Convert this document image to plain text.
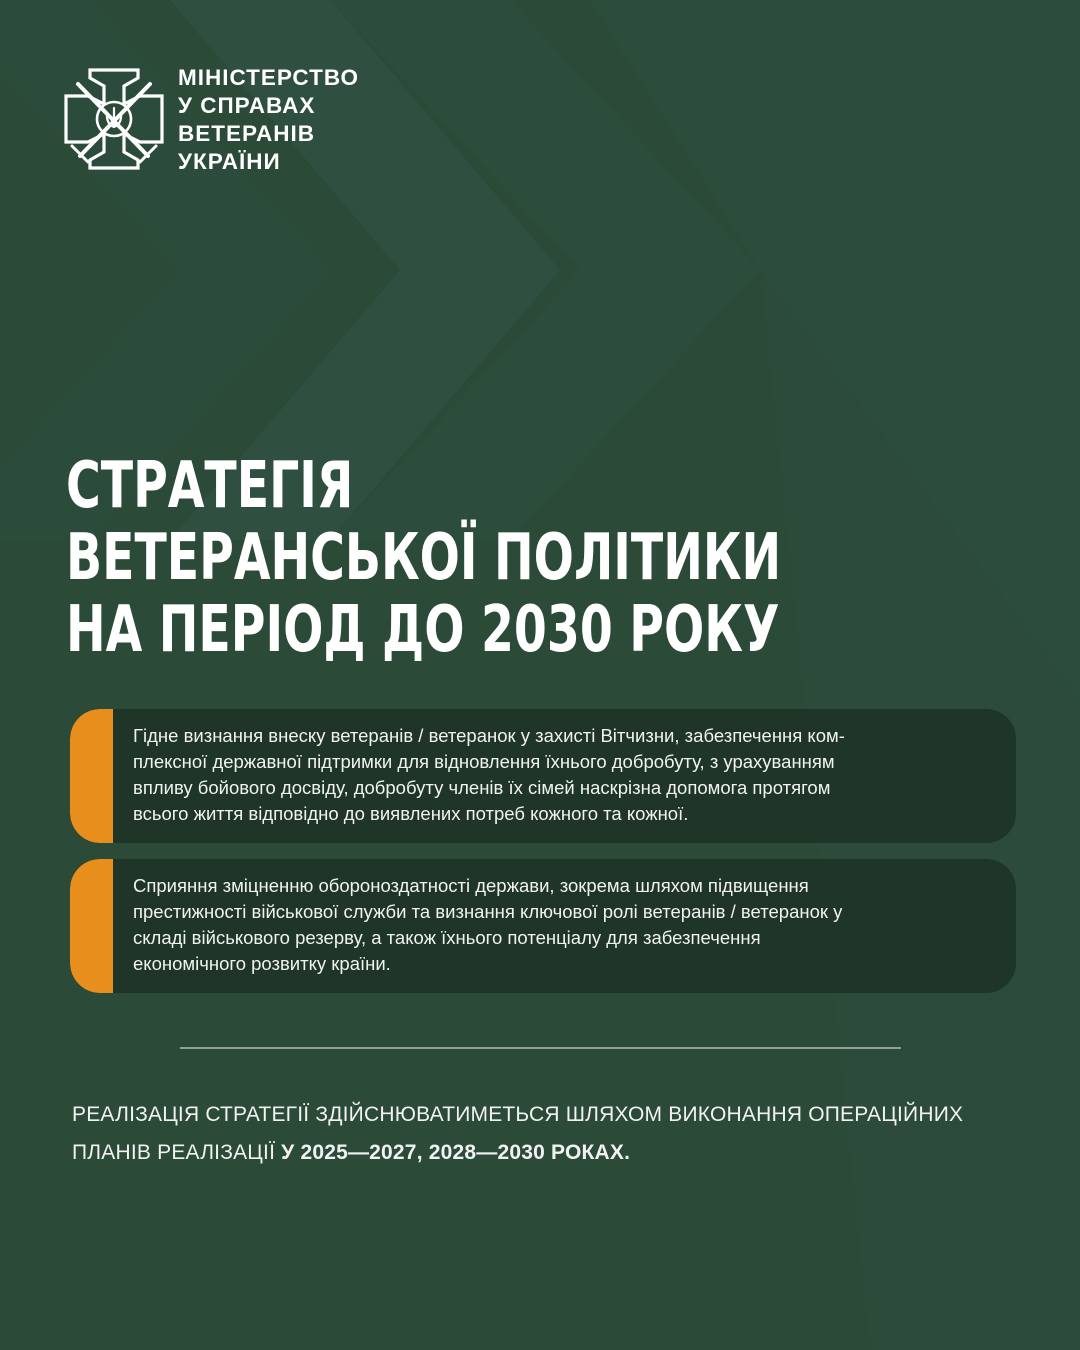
МІНІСТЕРСТВО
У СПРАВАХ
ВЕТЕРАНІВ
УКРАЇНИ
СТРАТЕГІЯ
ВЕТЕРАНСЬКОЇ ПОЛІТИКИ
НА ПЕРІОД ДО 2030 РОКУ
Гідне визнання внеску ветеранів / ветеранок у захисті Вітчизни, забезпечення ком-
плексної державної підтримки для відновлення їхнього добробуту, з урахуванням
впливу бойового досвіду, добробуту членів їх сімей наскрізна допомога протягом
всього життя відповідно до виявлених потреб кожного та кожної.
Сприяння зміцненню обороноздатності держави, зокрема шляхом підвищення
престижності військової служби та визнання ключової ролі ветеранів / ветеранок у
складі військового резерву, а також їхнього потенціалу для забезпечення
економічного розвитку країни.
РЕАЛІЗАЦІЯ СТРАТЕГІЇ ЗДІЙСНЮВАТИМЕТЬСЯ ШЛЯХОМ ВИКОНАННЯ ОПЕРАЦІЙНИХ
ПЛАНІВ РЕАЛІЗАЦІЇ У 2025—2027, 2028—2030 РОКАХ.
